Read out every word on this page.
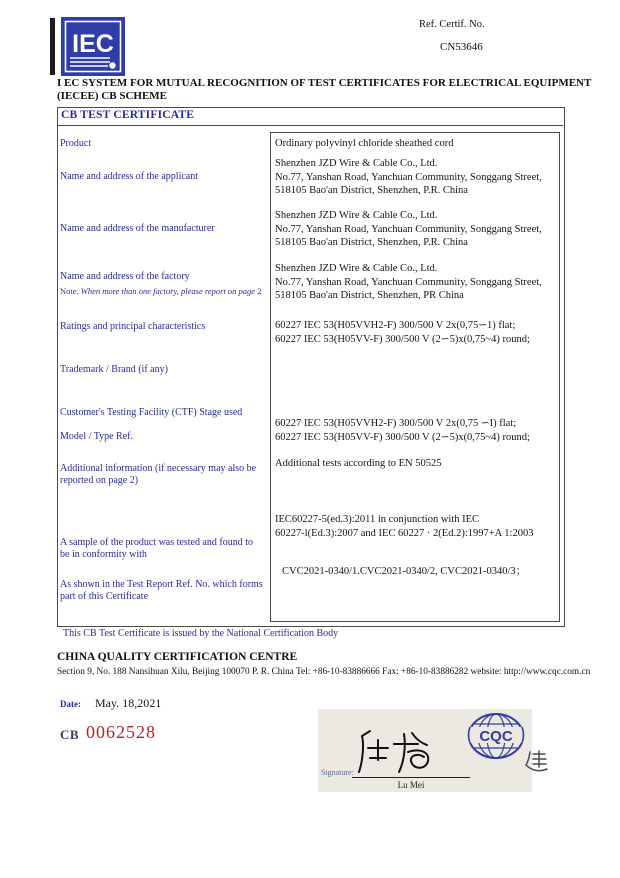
IEC
Ref. Certif. No.
CN53646
I EC SYSTEM FOR MUTUAL RECOGNITION OF TEST CERTIFICATES FOR ELECTRICAL EQUIPMENT
(IECEE) CB SCHEME
CB TEST CERTIFICATE
Product
Name and address of the applicant
Name and address of the manufacturer
Name and address of the factory
Note. When more than one factory, please report on page 2
Ratings and principal characteristics
Trademark / Brand (if any)
Customer's Testing Facility (CTF) Stage used
Model / Type Ref.
Additional information (if necessary may also be reported on page 2)
A sample of the product was tested and found to be in conformity with
As shown in the Test Report Ref. No. which forms part of this Certificate
Ordinary polyvinyl chloride sheathed cord
Shenzhen JZD Wire & Cable Co., Ltd.
No.77, Yanshan Road, Yanchuan Community, Songgang Street,
518105 Bao'an District, Shenzhen, P.R. China
Shenzhen JZD Wire & Cable Co., Ltd.
No.77, Yanshan Road, Yanchuan Community, Songgang Street,
518105 Bao'an District, Shenzhen, P.R. China
Shenzhen JZD Wire & Cable Co., Ltd.
No.77, Yanshan Road, Yanchuan Community, Songgang Street,
518105 Bao'an District, Shenzhen, PR China
60227 IEC 53(H05VVH2-F) 300/500 V 2x(0,75∽1) flat;
60227 IEC 53(H05VV-F) 300/500 V (2∽5)x(0,75~4) round;
60227 IEC 53(H05VVH2-F) 300/500 V 2x(0,75 ∽I) flat;
60227 IEC 53(H05VV-F) 300/500 V (2∽5)x(0,75~4) round;
Additional tests according to EN 50525
IEC60227-5(ed.3):2011 in conjunction with IEC
60227-l(Ed.3):2007 and IEC 60227 · 2(Ed.2):1997+A 1:2003
CVC2021-0340/1.CVC2021-0340/2, CVC2021-0340/3；
This CB Test Certificate is issued by the National Certification Body
CHINA QUALITY CERTIFICATION CENTRE
Section 9, No. 188 Nansihuan Xilu, Beijing 100070 P. R. China Tel: +86-10-83886666 Fax: +86-10-83886282 website: http://www.cqc.com.cn
Date: May. 18,2021
CB 0062528	CQC
Signature:
Lu Mei
